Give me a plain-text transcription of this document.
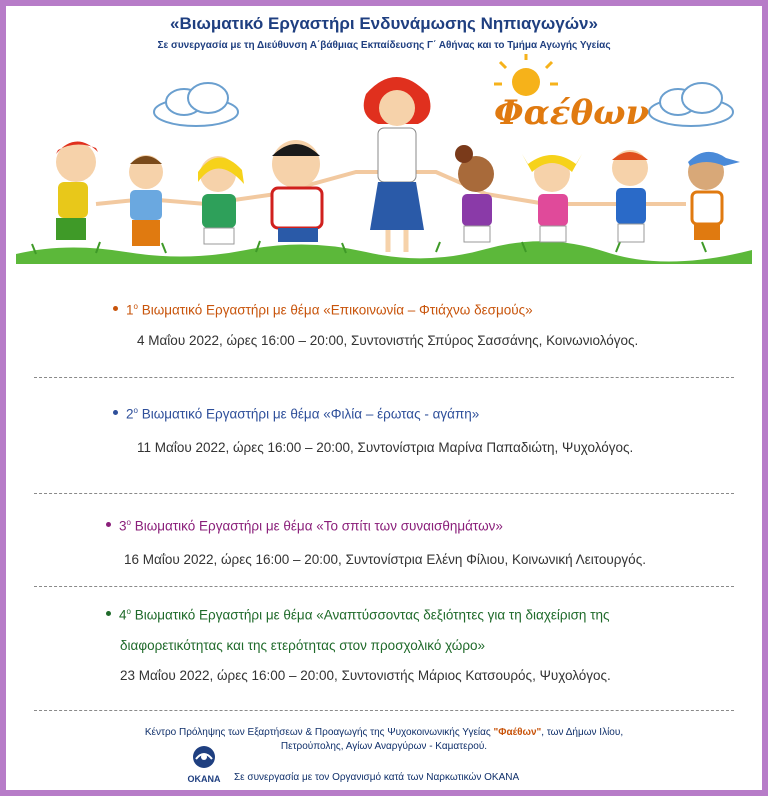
«Βιωματικό Εργαστήρι Ενδυνάμωσης Νηπιαγωγών»
Σε συνεργασία με τη Διεύθυνση Α΄βάθμιας Εκπαίδευσης Γ΄ Αθήνας και το Τμήμα Αγωγής Υγείας
Φαέθων
$1^o$ Βιωματικό Εργαστήρι με θέμα «Επικοινωνία – Φτιάχνω δεσμούς»
4 Μαΐου 2022, ώρες 16:00 – 20:00, Συντονιστής Σπύρος Σασσάνης, Κοινωνιολόγος.
$2^o$ Βιωματικό Εργαστήρι με θέμα «Φιλία – έρωτας - αγάπη»
11 Μαΐου 2022, ώρες 16:00 – 20:00, Συντονίστρια Μαρίνα Παπαδιώτη, Ψυχολόγος.
$3^o$ Βιωματικό Εργαστήρι με θέμα «Το σπίτι των συναισθημάτων»
16 Μαΐου 2022, ώρες 16:00 – 20:00, Συντονίστρια Ελένη Φίλιου, Κοινωνική Λειτουργός.
$4^o$ Βιωματικό Εργαστήρι με θέμα «Αναπτύσσοντας δεξιότητες για τη διαχείριση της
διαφορετικότητας και της ετερότητας στον προσχολικό χώρο»
23 Μαΐου 2022, ώρες 16:00 – 20:00, Συντονιστής Μάριος Κατσουρός, Ψυχολόγος.
Κέντρο Πρόληψης των Εξαρτήσεων & Προαγωγής της Ψυχοκοινωνικής Υγείας "Φαέθων", των Δήμων Ιλίου,
Πετρούπολης, Αγίων Αναργύρων - Καματερού.
OKANA	Σε συνεργασία με τον Οργανισμό κατά των Ναρκωτικών OKANA
